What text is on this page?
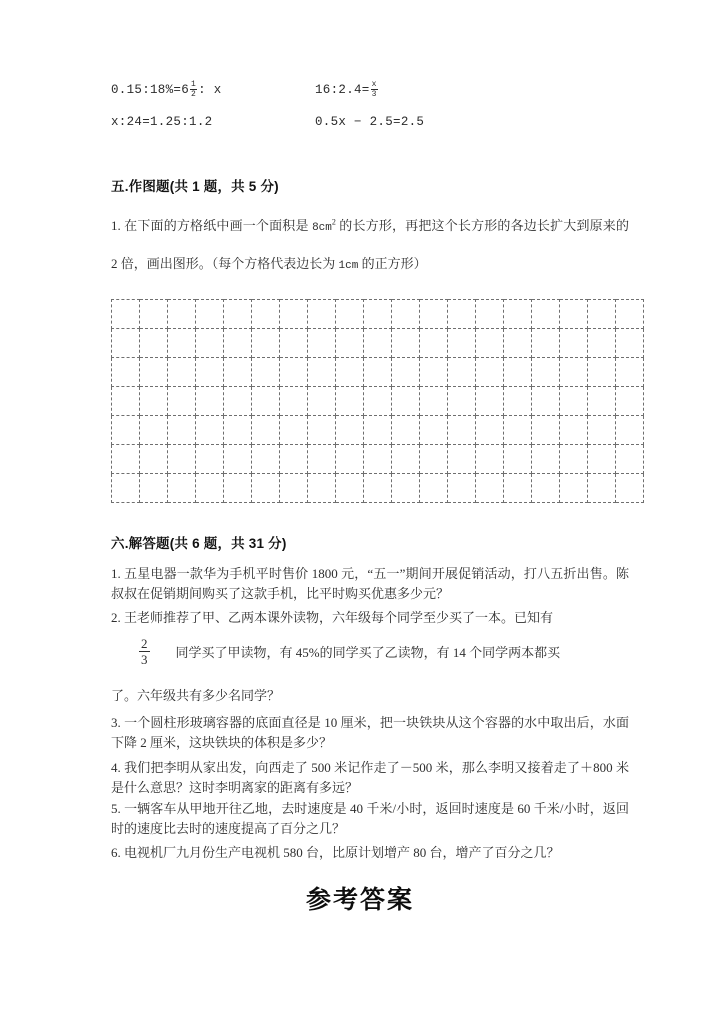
0.15:18%=6 $\frac{1}{2}$ : x	16:2.4= $\frac{x}{3}$
x:24=1.25:1.2	0.5x − 2.5=2.5
五.作图题(共 1 题，共 5 分)
1. 在下面的方格纸中画一个面积是 $8cm^2$ 的长方形，再把这个长方形的各边长扩大到原来的 2 倍，画出图形。（每个方格代表边长为 1cm 的正方形）

六.解答题(共 6 题，共 31 分)
1. 五星电器一款华为手机平时售价 1800 元，“五一”期间开展促销活动，打八五折出售。陈叔叔在促销期间购买了这款手机，比平时购买优惠多少元？
2. 王老师推荐了甲、乙两本课外读物，六年级每个同学至少买了一本。已知有
$\frac{2}{3}$ 同学买了甲读物，有 45%的同学买了乙读物，有 14 个同学两本都买
了。六年级共有多少名同学？
3. 一个圆柱形玻璃容器的底面直径是 10 厘米，把一块铁块从这个容器的水中取出后，水面下降 2 厘米，这块铁块的体积是多少？
4. 我们把李明从家出发，向西走了 500 米记作走了－500 米，那么李明又接着走了＋800 米是什么意思？这时李明离家的距离有多远？
5. 一辆客车从甲地开往乙地，去时速度是 40 千米/小时，返回时速度是 60 千米/小时，返回时的速度比去时的速度提高了百分之几？
6. 电视机厂九月份生产电视机 580 台，比原计划增产 80 台，增产了百分之几？
参考答案
